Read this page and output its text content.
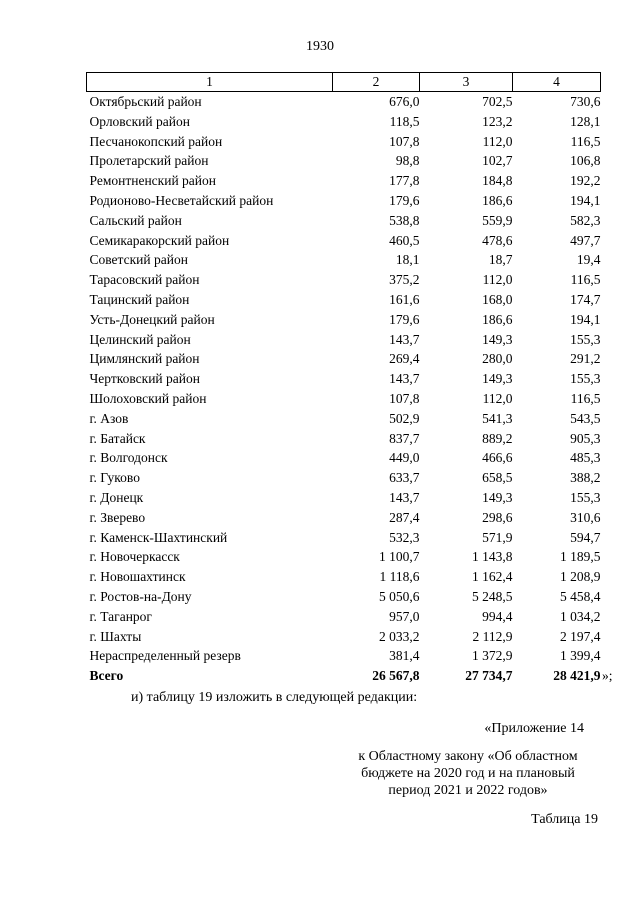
1930
1	2	3	4
Октябрьский район	676,0	702,5	730,6
Орловский район	118,5	123,2	128,1
Песчанокопский район	107,8	112,0	116,5
Пролетарский район	98,8	102,7	106,8
Ремонтненский район	177,8	184,8	192,2
Родионово-Несветайский район	179,6	186,6	194,1
Сальский район	538,8	559,9	582,3
Семикаракорский район	460,5	478,6	497,7
Советский район	18,1	18,7	19,4
Тарасовский район	375,2	112,0	116,5
Тацинский район	161,6	168,0	174,7
Усть-Донецкий район	179,6	186,6	194,1
Целинский район	143,7	149,3	155,3
Цимлянский район	269,4	280,0	291,2
Чертковский район	143,7	149,3	155,3
Шолоховский район	107,8	112,0	116,5
г. Азов	502,9	541,3	543,5
г. Батайск	837,7	889,2	905,3
г. Волгодонск	449,0	466,6	485,3
г. Гуково	633,7	658,5	388,2
г. Донецк	143,7	149,3	155,3
г. Зверево	287,4	298,6	310,6
г. Каменск-Шахтинский	532,3	571,9	594,7
г. Новочеркасск	1 100,7	1 143,8	1 189,5
г. Новошахтинск	1 118,6	1 162,4	1 208,9
г. Ростов-на-Дону	5 050,6	5 248,5	5 458,4
г. Таганрог	957,0	994,4	1 034,2
г. Шахты	2 033,2	2 112,9	2 197,4
Нераспределенный резерв	381,4	1 372,9	1 399,4
Всего	26 567,8	27 734,7	28 421,9 »;
и) таблицу 19 изложить в следующей редакции:
«Приложение 14
к Областному закону «Об областном
бюджете на 2020 год и на плановый
период 2021 и 2022 годов»
Таблица 19
